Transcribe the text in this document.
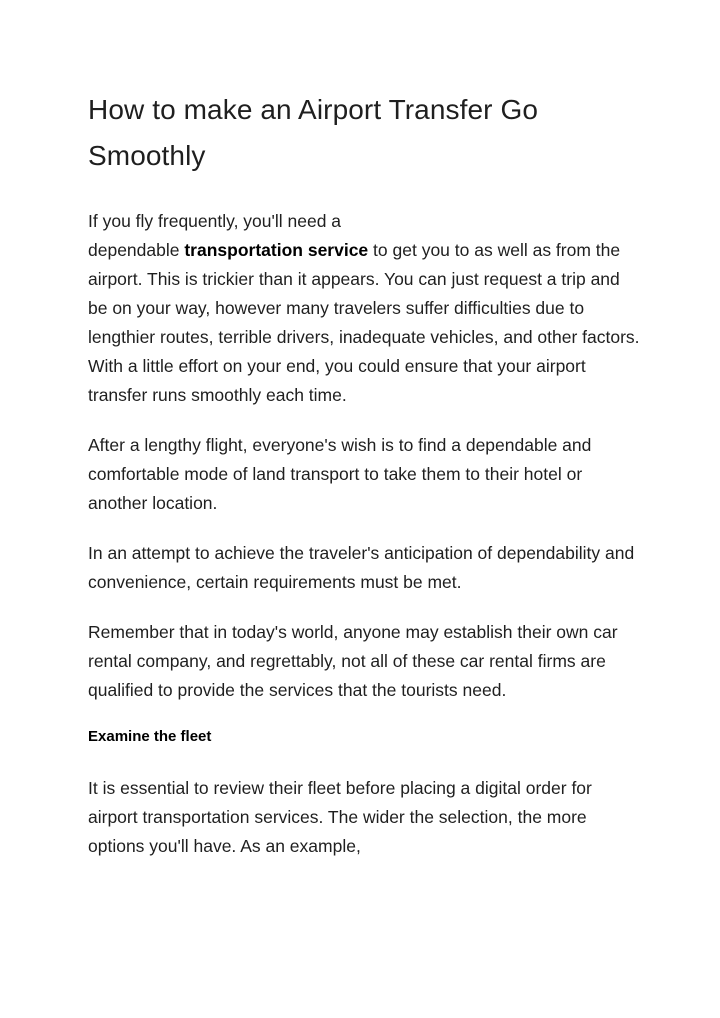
How to make an Airport Transfer Go Smoothly

If you fly frequently, you'll need a
dependable transportation service to get you to as well as from the airport. This is trickier than it appears. You can just request a trip and be on your way, however many travelers suffer difficulties due to lengthier routes, terrible drivers, inadequate vehicles, and other factors. With a little effort on your end, you could ensure that your airport transfer runs smoothly each time.

After a lengthy flight, everyone's wish is to find a dependable and comfortable mode of land transport to take them to their hotel or another location.

In an attempt to achieve the traveler's anticipation of dependability and convenience, certain requirements must be met.

Remember that in today's world, anyone may establish their own car rental company, and regrettably, not all of these car rental firms are qualified to provide the services that the tourists need.

Examine the fleet

It is essential to review their fleet before placing a digital order for airport transportation services. The wider the selection, the more options you'll have. As an example,
